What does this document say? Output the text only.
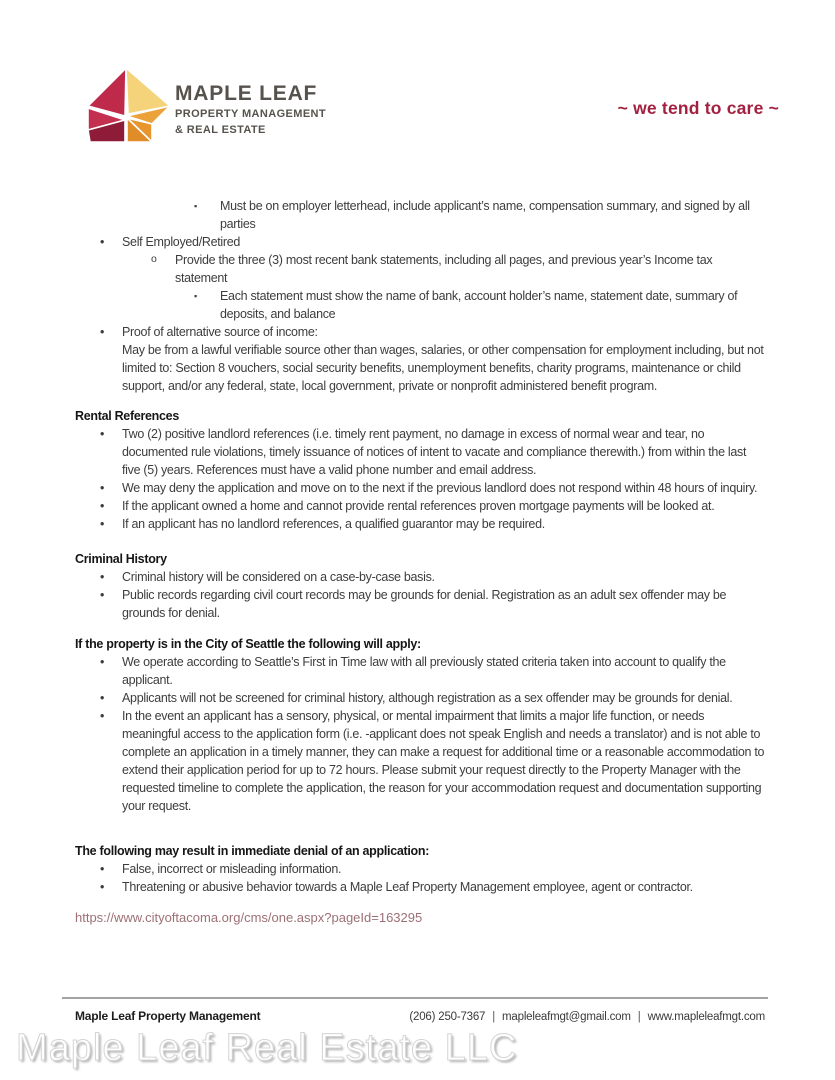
MAPLE LEAF
PROPERTY MANAGEMENT
& REAL ESTATE
~ we tend to care ~
▪ Must be on employer letterhead, include applicant’s name, compensation summary, and signed by all parties
• Self Employed/Retired
o Provide the three (3) most recent bank statements, including all pages, and previous year’s Income tax statement
▪ Each statement must show the name of bank, account holder’s name, statement date, summary of deposits, and balance
• Proof of alternative source of income:
May be from a lawful verifiable source other than wages, salaries, or other compensation for employment including, but not limited to: Section 8 vouchers, social security benefits, unemployment benefits, charity programs, maintenance or child support, and/or any federal, state, local government, private or nonprofit administered benefit program.
Rental References
• Two (2) positive landlord references (i.e. timely rent payment, no damage in excess of normal wear and tear, no documented rule violations, timely issuance of notices of intent to vacate and compliance therewith.) from within the last five (5) years. References must have a valid phone number and email address.
• We may deny the application and move on to the next if the previous landlord does not respond within 48 hours of inquiry.
• If the applicant owned a home and cannot provide rental references proven mortgage payments will be looked at.
• If an applicant has no landlord references, a qualified guarantor may be required.
Criminal History
• Criminal history will be considered on a case-by-case basis.
• Public records regarding civil court records may be grounds for denial. Registration as an adult sex offender may be grounds for denial.
If the property is in the City of Seattle the following will apply:
• We operate according to Seattle’s First in Time law with all previously stated criteria taken into account to qualify the applicant.
• Applicants will not be screened for criminal history, although registration as a sex offender may be grounds for denial.
• In the event an applicant has a sensory, physical, or mental impairment that limits a major life function, or needs meaningful access to the application form (i.e. -applicant does not speak English and needs a translator) and is not able to complete an application in a timely manner, they can make a request for additional time or a reasonable accommodation to extend their application period for up to 72 hours. Please submit your request directly to the Property Manager with the requested timeline to complete the application, the reason for your accommodation request and documentation supporting your request.
The following may result in immediate denial of an application:
• False, incorrect or misleading information.
• Threatening or abusive behavior towards a Maple Leaf Property Management employee, agent or contractor.
https://www.cityoftacoma.org/cms/one.aspx?pageId=163295
Maple Leaf Property Management	(206) 250-7367 | mapleleafmgt@gmail.com | www.mapleleafmgt.com
Maple Leaf Real Estate LLC
